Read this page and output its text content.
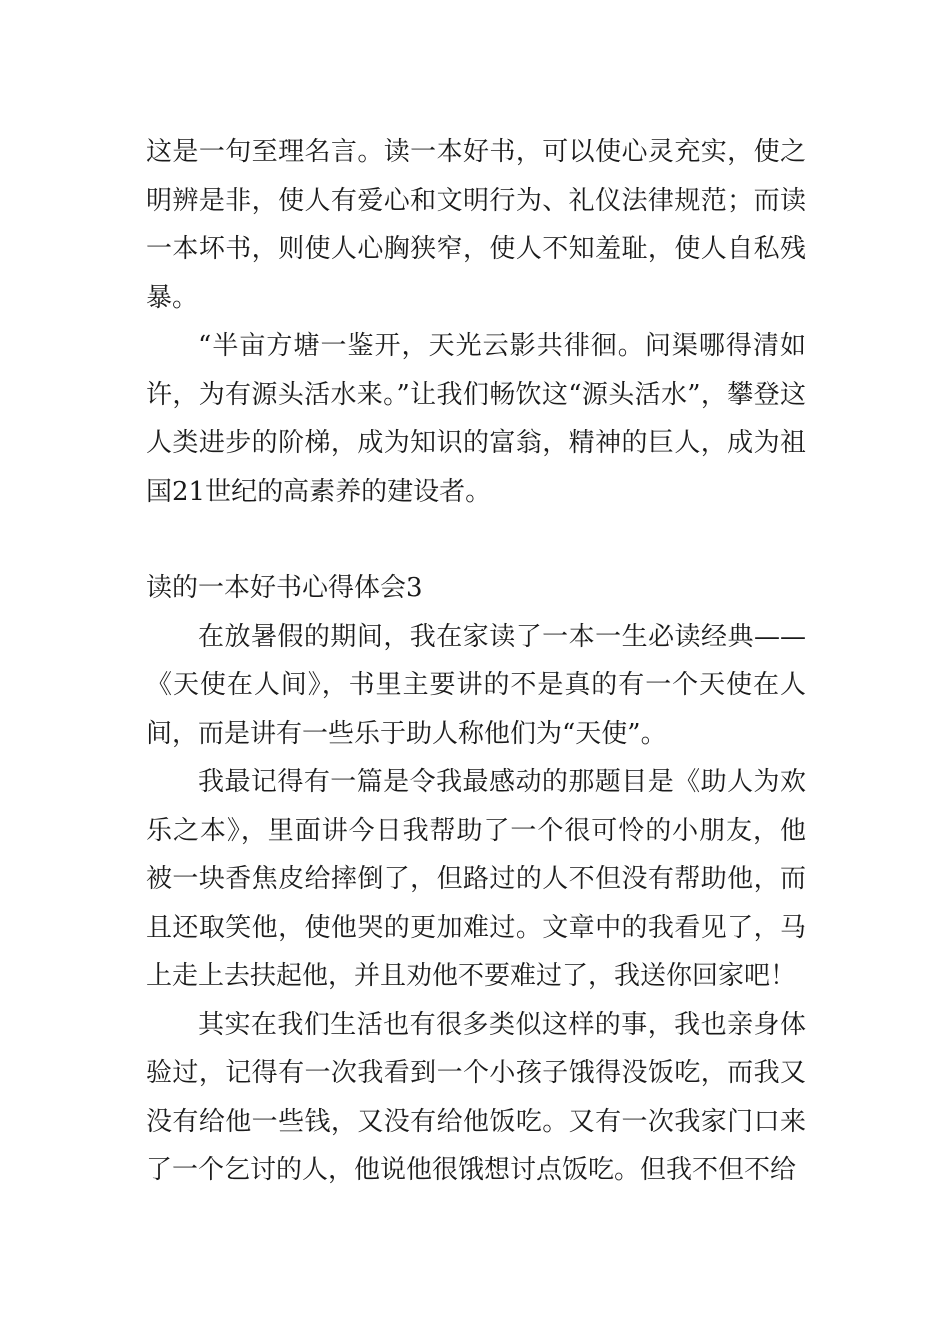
这是一句至理名言。读一本好书，可以使心灵充实，使之明辨是非，使人有爱心和文明行为、礼仪法律规范；而读一本坏书，则使人心胸狭窄，使人不知羞耻，使人自私残暴。

“半亩方塘一鉴开，天光云影共徘徊。问渠哪得清如许，为有源头活水来。”让我们畅饮这“源头活水”，攀登这人类进步的阶梯，成为知识的富翁，精神的巨人，成为祖国21世纪的高素养的建设者。

读的一本好书心得体会3

在放暑假的期间，我在家读了一本一生必读经典——《天使在人间》，书里主要讲的不是真的有一个天使在人间，而是讲有一些乐于助人称他们为“天使”。

我最记得有一篇是令我最感动的那题目是《助人为欢乐之本》，里面讲今日我帮助了一个很可怜的小朋友，他被一块香焦皮给摔倒了，但路过的人不但没有帮助他，而且还取笑他，使他哭的更加难过。文章中的我看见了，马上走上去扶起他，并且劝他不要难过了，我送你回家吧！

其实在我们生活也有很多类似这样的事，我也亲身体验过，记得有一次我看到一个小孩子饿得没饭吃，而我又没有给他一些钱，又没有给他饭吃。又有一次我家门口来了一个乞讨的人，他说他很饿想讨点饭吃。但我不但不给
